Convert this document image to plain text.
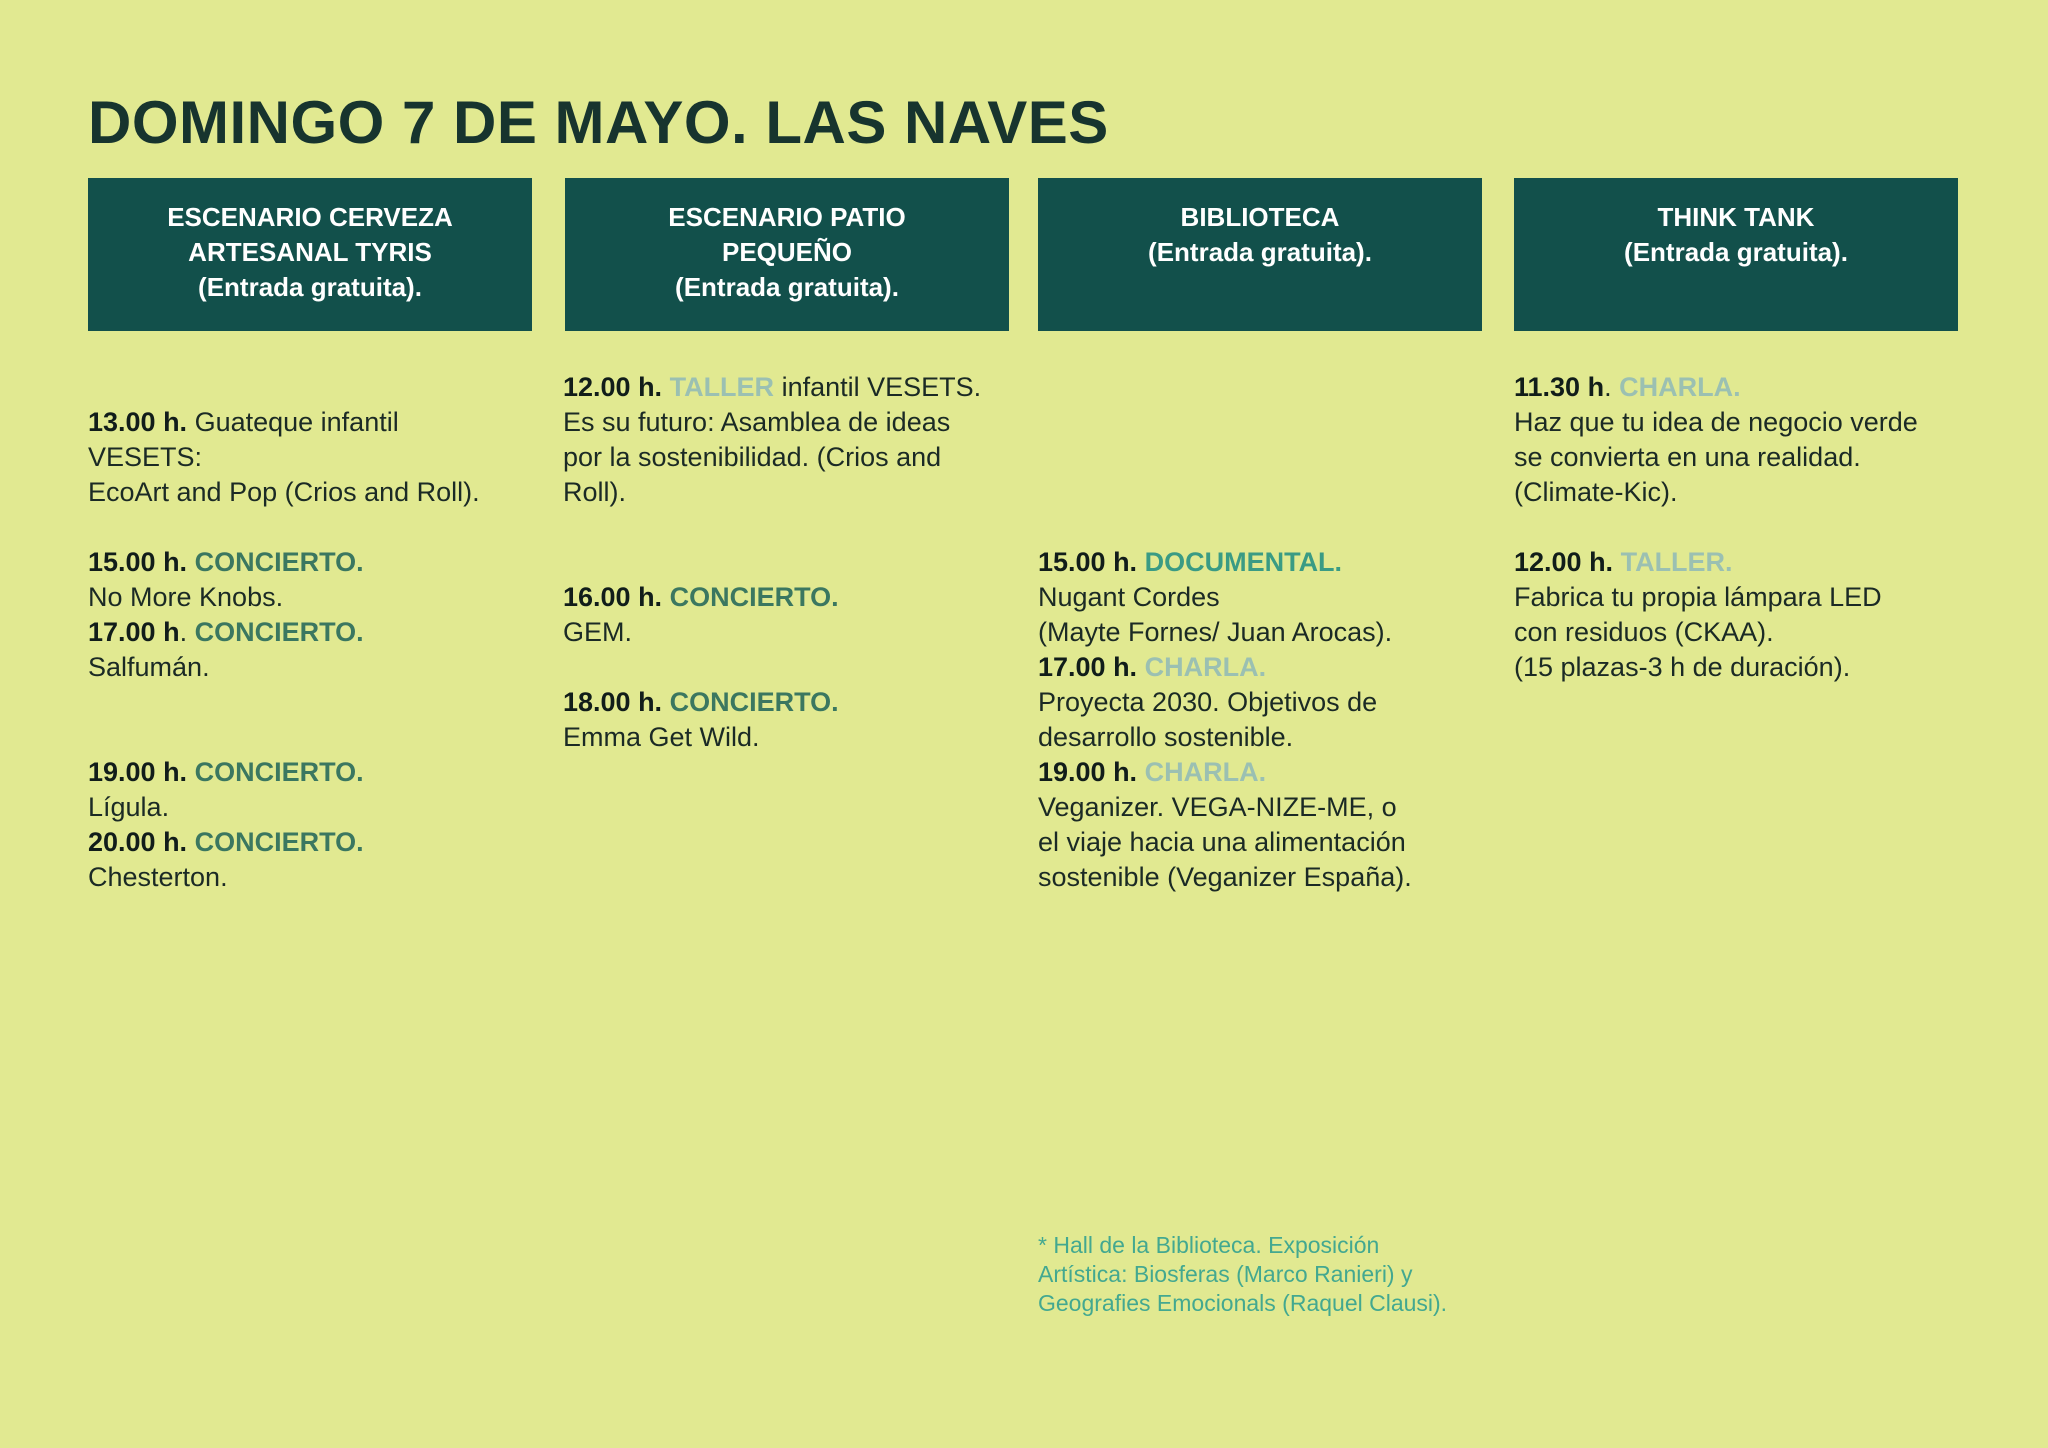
DOMINGO 7 DE MAYO. LAS NAVES
ESCENARIO CERVEZA
ARTESANAL TYRIS
(Entrada gratuita).
ESCENARIO PATIO
PEQUEÑO
(Entrada gratuita).
BIBLIOTECA
(Entrada gratuita).
THINK TANK
(Entrada gratuita).
13.00 h. Guateque infantil
VESETS:
EcoArt and Pop (Crios and Roll).
15.00 h. CONCIERTO.
No More Knobs.
17.00 h. CONCIERTO.
Salfumán.
19.00 h. CONCIERTO.
Lígula.
20.00 h. CONCIERTO.
Chesterton.
12.00 h. TALLER infantil VESETS.
Es su futuro: Asamblea de ideas
por la sostenibilidad. (Crios and
Roll).
16.00 h. CONCIERTO.
GEM.
18.00 h. CONCIERTO.
Emma Get Wild.
15.00 h. DOCUMENTAL.
Nugant Cordes
(Mayte Fornes/ Juan Arocas).
17.00 h. CHARLA.
Proyecta 2030. Objetivos de
desarrollo sostenible.
19.00 h. CHARLA.
Veganizer. VEGA-NIZE-ME, o
el viaje hacia una alimentación
sostenible (Veganizer España).
11.30 h. CHARLA.
Haz que tu idea de negocio verde
se convierta en una realidad.
(Climate-Kic).
12.00 h. TALLER.
Fabrica tu propia lámpara LED
con residuos (CKAA).
(15 plazas-3 h de duración).
* Hall de la Biblioteca. Exposición
Artística: Biosferas (Marco Ranieri) y
Geografies Emocionals (Raquel Clausi).
